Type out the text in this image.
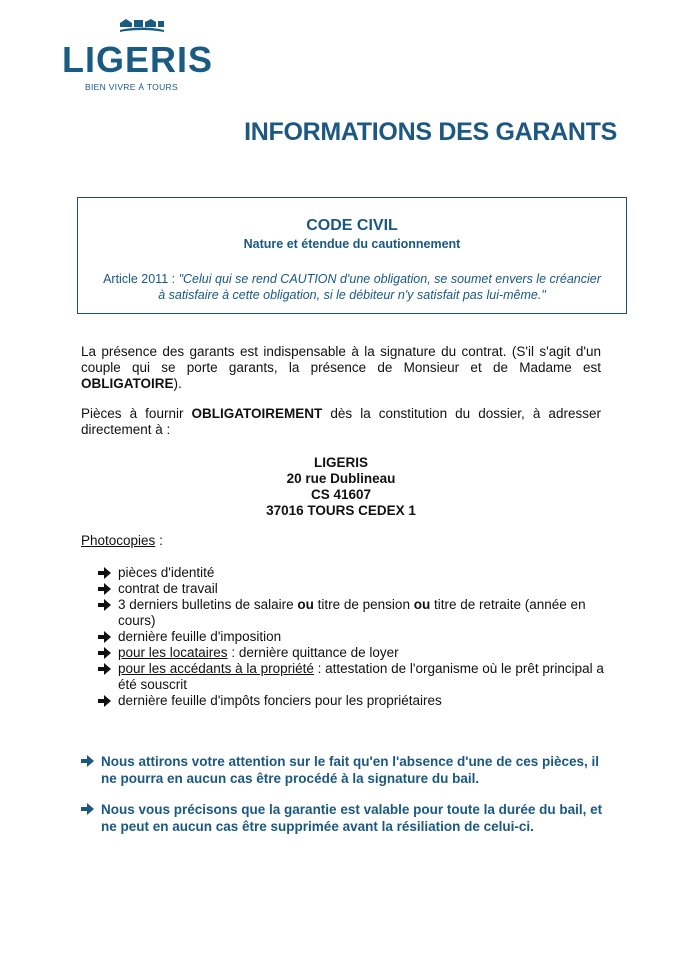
LIGERIS
BIEN VIVRE À TOURS
INFORMATIONS DES GARANTS
CODE CIVIL
Nature et étendue du cautionnement
Article 2011 : "Celui qui se rend CAUTION d'une obligation, se soumet envers le créancier à satisfaire à cette obligation, si le débiteur n'y satisfait pas lui-même."

La présence des garants est indispensable à la signature du contrat. (S'il s'agit d'un couple qui se porte garants, la présence de Monsieur et de Madame est OBLIGATOIRE).

Pièces à fournir OBLIGATOIREMENT dès la constitution du dossier, à adresser directement à :

LIGERIS
20 rue Dublineau
CS 41607
37016 TOURS CEDEX 1
Photocopies :
pièces d'identité
contrat de travail
3 derniers bulletins de salaire ou titre de pension ou titre de retraite (année en cours)
dernière feuille d'imposition
pour les locataires : dernière quittance de loyer
pour les accédants à la propriété : attestation de l'organisme où le prêt principal a été souscrit
dernière feuille d'impôts fonciers pour les propriétaires
Nous attirons votre attention sur le fait qu'en l'absence d'une de ces pièces, il ne pourra en aucun cas être procédé à la signature du bail.
Nous vous précisons que la garantie est valable pour toute la durée du bail, et ne peut en aucun cas être supprimée avant la résiliation de celui-ci.
